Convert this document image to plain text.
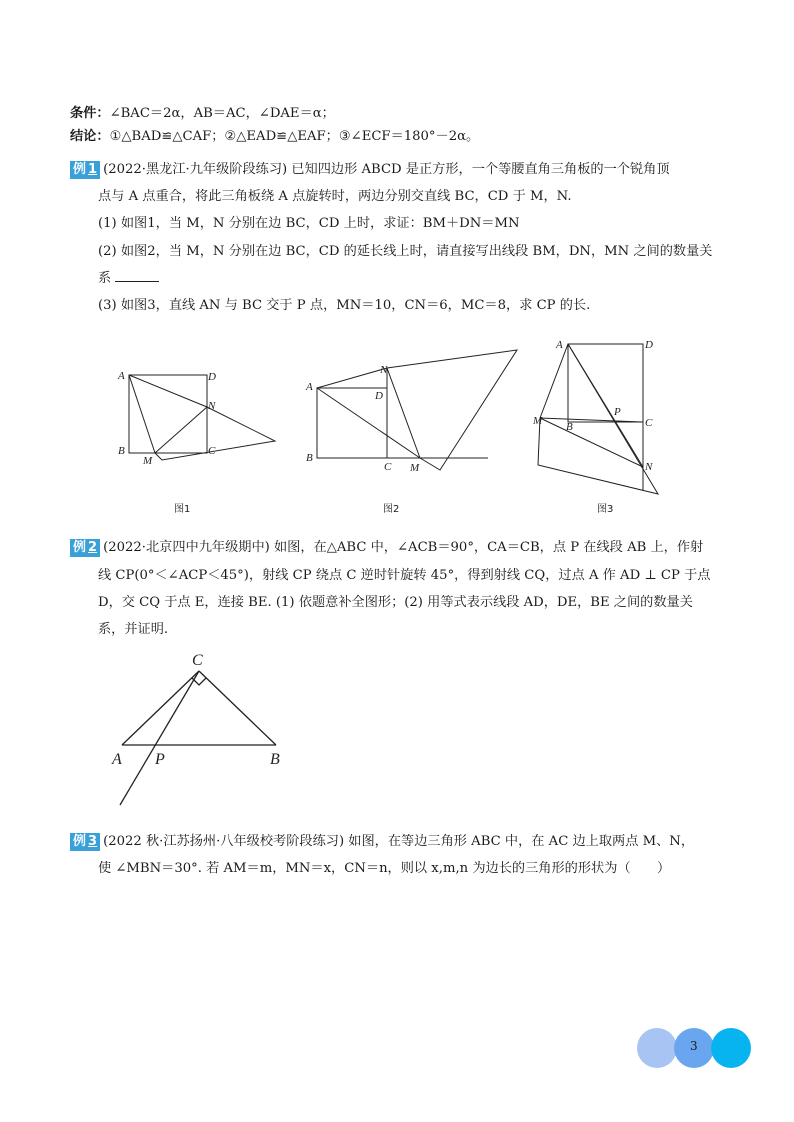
条件：∠BAC＝2α，AB＝AC，∠DAE＝α；
结论：①△BAD≌△CAF；②△EAD≌△EAF；③∠ECF＝180°－2α。
例 1 (2022·黑龙江·九年级阶段练习) 已知四边形 ABCD 是正方形，一个等腰直角三角板的一个锐角顶
点与 A 点重合，将此三角板绕 A 点旋转时，两边分别交直线 BC，CD 于 M，N.
(1) 如图1，当 M，N 分别在边 BC，CD 上时，求证：BM＋DN＝MN
(2) 如图2，当 M，N 分别在边 BC，CD 的延长线上时，请直接写出线段 BM，DN，MN 之间的数量关
系
(3) 如图3，直线 AN 与 BC 交于 P 点，MN＝10，CN＝6，MC＝8，求 CP 的长.
A	D
N
B	C
M
图1
A
N
D
B
C M
图2
A	D
P
C
M B
N
图3
例 2 (2022·北京四中九年级期中) 如图，在△ABC 中，∠ACB＝90°，CA＝CB，点 P 在线段 AB 上，作射
线 CP(0°＜∠ACP＜45°)，射线 CP 绕点 C 逆时针旋转 45°，得到射线 CQ，过点 A 作 AD ⊥ CP 于点
D，交 CQ 于点 E，连接 BE. (1) 依题意补全图形；(2) 用等式表示线段 AD，DE，BE 之间的数量关
系，并证明.
C
A P	B
例 3 (2022 秋·江苏扬州·八年级校考阶段练习) 如图，在等边三角形 ABC 中，在 AC 边上取两点 M、N，
使 ∠MBN＝30°. 若 AM＝m，MN＝x，CN＝n，则以 x,m,n 为边长的三角形的形状为（　　）
3
